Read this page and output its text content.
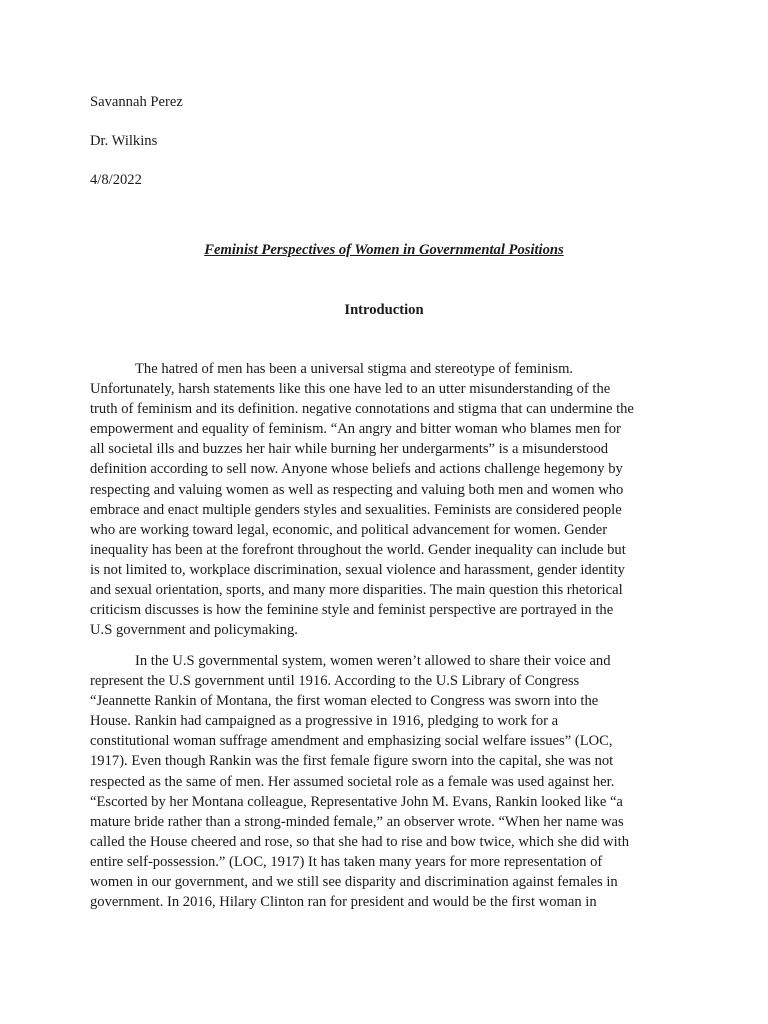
Savannah Perez
Dr. Wilkins
4/8/2022
Feminist Perspectives of Women in Governmental Positions
Introduction
The hatred of men has been a universal stigma and stereotype of feminism.
Unfortunately, harsh statements like this one have led to an utter misunderstanding of the
truth of feminism and its definition. negative connotations and stigma that can undermine the
empowerment and equality of feminism. “An angry and bitter woman who blames men for
all societal ills and buzzes her hair while burning her undergarments” is a misunderstood
definition according to sell now. Anyone whose beliefs and actions challenge hegemony by
respecting and valuing women as well as respecting and valuing both men and women who
embrace and enact multiple genders styles and sexualities. Feminists are considered people
who are working toward legal, economic, and political advancement for women. Gender
inequality has been at the forefront throughout the world. Gender inequality can include but
is not limited to, workplace discrimination, sexual violence and harassment, gender identity
and sexual orientation, sports, and many more disparities. The main question this rhetorical
criticism discusses is how the feminine style and feminist perspective are portrayed in the
U.S government and policymaking.
In the U.S governmental system, women weren’t allowed to share their voice and
represent the U.S government until 1916. According to the U.S Library of Congress
“Jeannette Rankin of Montana, the first woman elected to Congress was sworn into the
House. Rankin had campaigned as a progressive in 1916, pledging to work for a
constitutional woman suffrage amendment and emphasizing social welfare issues” (LOC,
1917). Even though Rankin was the first female figure sworn into the capital, she was not
respected as the same of men. Her assumed societal role as a female was used against her.
“Escorted by her Montana colleague, Representative John M. Evans, Rankin looked like “a
mature bride rather than a strong-minded female,” an observer wrote. “When her name was
called the House cheered and rose, so that she had to rise and bow twice, which she did with
entire self-possession.” (LOC, 1917) It has taken many years for more representation of
women in our government, and we still see disparity and discrimination against females in
government. In 2016, Hilary Clinton ran for president and would be the first woman in
